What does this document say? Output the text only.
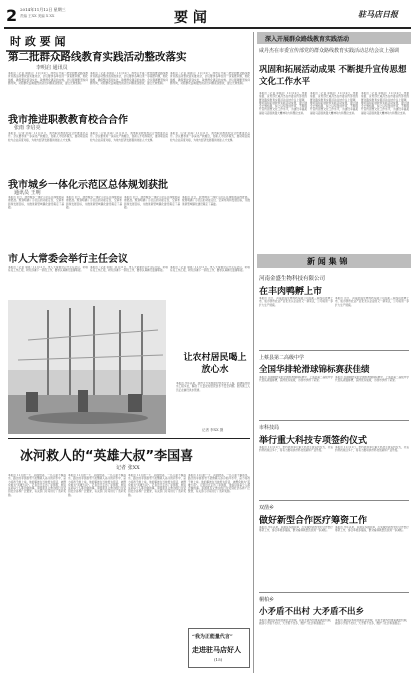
2 2014年11月12日 星期三
责编 王XX 美编 X XX	要 闻	驻马店日报
时 政 要 闻
第二批群众路线教育实践活动整改落实
李明启 通讯员
本报讯（记者 李明启）11月12日，我市召开第二批党的群众路线教育实践活动整改落实推进会，会议要求各单位进一步查摆问题，细化措施，确保整改落到实处，取得群众满意的实效。会议强调要坚持问题导向，对照群众反映强烈的突出问题逐条整改，建立长效机制。
本报讯（记者 李明启）11月12日，我市召开第二批党的群众路线教育实践活动整改落实推进会，会议要求各单位进一步查摆问题，细化措施，确保整改落到实处，取得群众满意的实效。会议强调要坚持问题导向，对照群众反映强烈的突出问题逐条整改，建立长效机制。
本报讯（记者 李明启）11月12日，我市召开第二批党的群众路线教育实践活动整改落实推进会，会议要求各单位进一步查摆问题，细化措施，确保整改落到实处，取得群众满意的实效。会议强调要坚持问题导向，对照群众反映强烈的突出问题逐条整改，建立长效机制。
我市推进职教教育校合合作
张雨 李启亮
本报讯（记者 张雨）11月11日，我市职业教育校企合作推进会召开。会议要求进一步深化产教融合，创新人才培养模式，推动职业院校与企业深度对接，为地方经济发展提供技能人才支撑。
本报讯（记者 张雨）11月11日，我市职业教育校企合作推进会召开。会议要求进一步深化产教融合，创新人才培养模式，推动职业院校与企业深度对接，为地方经济发展提供技能人才支撑。
本报讯（记者 张雨）11月11日，我市职业教育校企合作推进会召开。会议要求进一步深化产教融合，创新人才培养模式，推动职业院校与企业深度对接，为地方经济发展提供技能人才支撑。
我市城乡一体化示范区总体规划获批
通讯员 王明
本报讯 近日，我市城乡一体化示范区总体规划获得批准。规划明确了示范区的功能定位、空间布局和发展目标，为推进新型城镇化建设奠定了基础。
本报讯 近日，我市城乡一体化示范区总体规划获得批准。规划明确了示范区的功能定位、空间布局和发展目标，为推进新型城镇化建设奠定了基础。
本报讯 近日，我市城乡一体化示范区总体规划获得批准。规划明确了示范区的功能定位、空间布局和发展目标，为推进新型城镇化建设奠定了基础。
本报讯 近日，我市城乡一体化示范区总体规划获得批准。规划明确了示范区的功能定位、空间布局和发展目标，为推进新型城镇化建设奠定了基础。
市人大常委会举行主任会议
本报讯（记者 李明）11月11日，市人大常委会召开主任会议，听取有关工作汇报，研究部署下一阶段工作，要求认真履行监督职能。
本报讯（记者 李明）11月11日，市人大常委会召开主任会议，听取有关工作汇报，研究部署下一阶段工作，要求认真履行监督职能。
本报讯（记者 李明）11月11日，市人大常委会召开主任会议，听取有关工作汇报，研究部署下一阶段工作，要求认真履行监督职能。
让农村居民喝上放心水
本报讯 今年以来，我市大力实施农村饮水安全工程，新建集中供水工程多处，解决了大量农村居民饮水不安全问题。图为施工人员正在铺设供水管道。
记者 李XX 摄
冰河救人的“英雄大叔”李国喜
记者 张XX
本报讯 11月的一天，河面结冰，一名儿童不慎落水，路过的李国喜毫不犹豫跳入冰冷的河水中，奋力将孩子救上岸。他的事迹在当地传为佳话，被群众称为“英雄大叔”。记者近日走访了李国喜，他说这是每个人都会做的事。李国喜见义勇为的行为受到社会各界广泛赞誉，有关部门对其进行了表彰奖励。
本报讯 11月的一天，河面结冰，一名儿童不慎落水，路过的李国喜毫不犹豫跳入冰冷的河水中，奋力将孩子救上岸。他的事迹在当地传为佳话，被群众称为“英雄大叔”。记者近日走访了李国喜，他说这是每个人都会做的事。李国喜见义勇为的行为受到社会各界广泛赞誉，有关部门对其进行了表彰奖励。
本报讯 11月的一天，河面结冰，一名儿童不慎落水，路过的李国喜毫不犹豫跳入冰冷的河水中，奋力将孩子救上岸。他的事迹在当地传为佳话，被群众称为“英雄大叔”。记者近日走访了李国喜，他说这是每个人都会做的事。李国喜见义勇为的行为受到社会各界广泛赞誉，有关部门对其进行了表彰奖励。
本报讯 11月的一天，河面结冰，一名儿童不慎落水，路过的李国喜毫不犹豫跳入冰冷的河水中，奋力将孩子救上岸。他的事迹在当地传为佳话，被群众称为“英雄大叔”。记者近日走访了李国喜，他说这是每个人都会做的事。李国喜见义勇为的行为受到社会各界广泛赞誉，有关部门对其进行了表彰奖励。
“我为正能量代言”
走进驻马店好人
(15)
深入开展群众路线教育实践活动
咸丹杰在市委宣传部党的群众路线教育实践活动总结会议上强调
巩固和拓展活动成果 不断提升宣传思想文化工作水平
本报讯（记者 李明启）11月12日，市委常委、宣传部长咸丹杰在市委宣传部党的群众路线教育实践活动总结会议上强调，要巩固和拓展教育实践活动成果，建立健全长效机制，持之以恒改进作风，不断提升宣传思想文化工作水平，为建设幸福美丽驻马店提供强大精神动力和舆论支持。
本报讯（记者 李明启）11月12日，市委常委、宣传部长咸丹杰在市委宣传部党的群众路线教育实践活动总结会议上强调，要巩固和拓展教育实践活动成果，建立健全长效机制，持之以恒改进作风，不断提升宣传思想文化工作水平，为建设幸福美丽驻马店提供强大精神动力和舆论支持。
本报讯（记者 李明启）11月12日，市委常委、宣传部长咸丹杰在市委宣传部党的群众路线教育实践活动总结会议上强调，要巩固和拓展教育实践活动成果，建立健全长效机制，持之以恒改进作风，不断提升宣传思想文化工作水平，为建设幸福美丽驻马店提供强大精神动力和舆论支持。
新 闻 集 锦
河南金盛生物科技有限公司
在丰肉鸭孵上市
本报讯 近日，河南金盛生物科技有限公司在新三板成功挂牌上市，成为我市农业产业化龙头企业的又一新亮点，公司将进一步扩大生产规模。
本报讯 近日，河南金盛生物科技有限公司在新三板成功挂牌上市，成为我市农业产业化龙头企业的又一新亮点，公司将进一步扩大生产规模。
上蔡县第二高级中学
全国华排轮滑球锦标赛获佳绩
本报讯 在刚刚结束的全国轮滑球锦标赛中，上蔡县第二高级中学代表队顽强拼搏，获得优异成绩，为我市争得了荣誉。
本报讯 在刚刚结束的全国轮滑球锦标赛中，上蔡县第二高级中学代表队顽强拼搏，获得优异成绩，为我市争得了荣誉。
市科技局
举行重大科技专项签约仪式
本报讯 11月11日，市科技局举行重大科技专项签约仪式，共签约科技项目多个，将有力推动我市科技创新和产业升级。
本报讯 11月11日，市科技局举行重大科技专项签约仪式，共签约科技项目多个，将有力推动我市科技创新和产业升级。
双凿乡
做好新型合作医疗筹资工作
本报讯 今年以来，双凿乡多措并举，扎实做好新型农村合作医疗筹资工作，参合率稳步提高，群众看病就医负担进一步减轻。
本报讯 今年以来，双凿乡多措并举，扎实做好新型农村合作医疗筹资工作，参合率稳步提高，群众看病就医负担进一步减轻。
桐柏乡
小矛盾不出村 大矛盾不出乡
本报讯 桐柏乡积极创新社会管理，完善矛盾纠纷排查调处机制，做到小矛盾不出村，大矛盾不出乡，维护了社会和谐稳定。
本报讯 桐柏乡积极创新社会管理，完善矛盾纠纷排查调处机制，做到小矛盾不出村，大矛盾不出乡，维护了社会和谐稳定。
